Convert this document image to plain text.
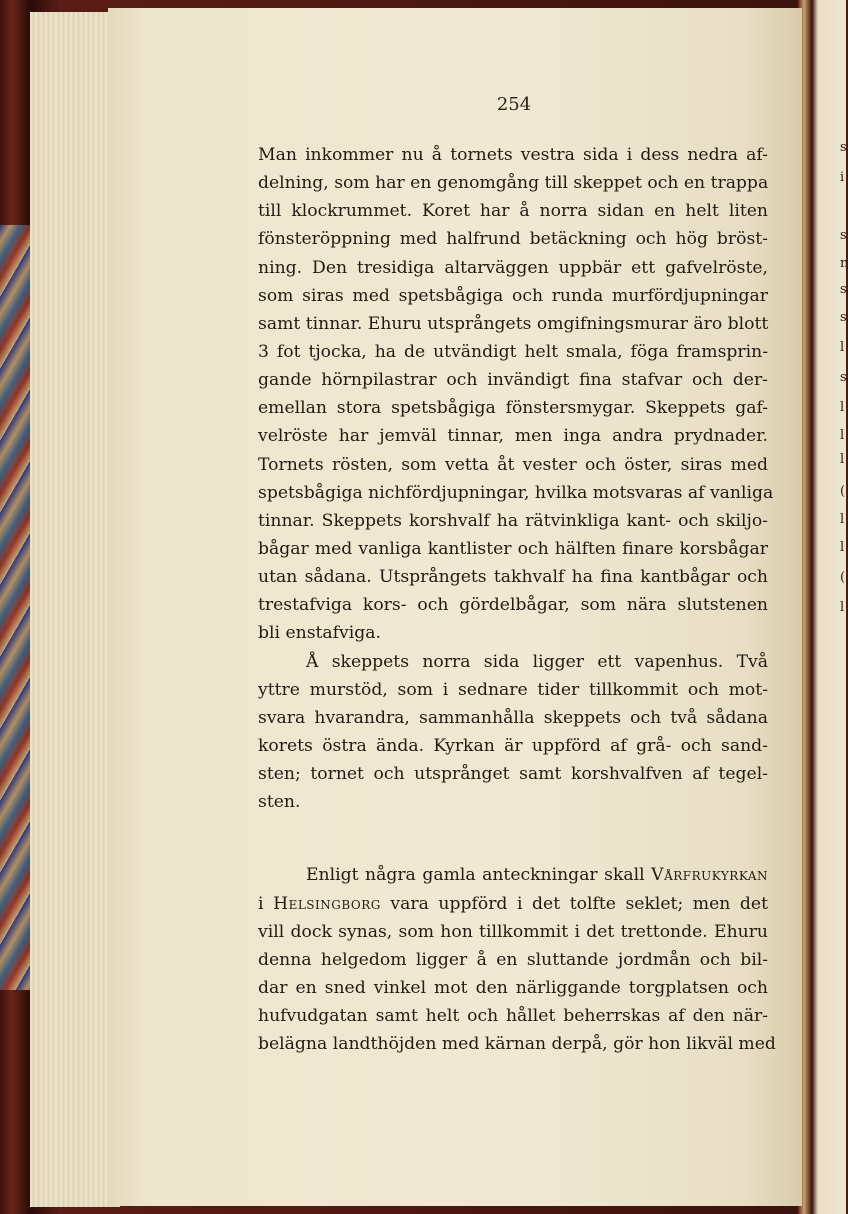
s
i
s
n
s
s
l
s
l
l
l
(
l
l
(
l
254
Man inkommer nu å tornets vestra sida i dess nedra af-
delning, som har en genomgång till skeppet och en trappa
till klockrummet. Koret har å norra sidan en helt liten
fönsteröppning med halfrund betäckning och hög bröst-
ning. Den tresidiga altarväggen uppbär ett gafvelröste,
som siras med spetsbågiga och runda murfördjupningar
samt tinnar. Ehuru utsprångets omgifningsmurar äro blott
3 fot tjocka, ha de utvändigt helt smala, föga framsprin-
gande hörnpilastrar och invändigt fina stafvar och der-
emellan stora spetsbågiga fönstersmygar. Skeppets gaf-
velröste har jemväl tinnar, men inga andra prydnader.
Tornets rösten, som vetta åt vester och öster, siras med
spetsbågiga nichfördjupningar, hvilka motsvaras af vanliga
tinnar. Skeppets korshvalf ha rätvinkliga kant- och skiljo-
bågar med vanliga kantlister och hälften finare korsbågar
utan sådana. Utsprångets takhvalf ha fina kantbågar och
trestafviga kors- och gördelbågar, som nära slutstenen
bli enstafviga.
Å skeppets norra sida ligger ett vapenhus. Två
yttre murstöd, som i sednare tider tillkommit och mot-
svara hvarandra, sammanhålla skeppets och två sådana
korets östra ända. Kyrkan är uppförd af grå- och sand-
sten; tornet och utsprånget samt korshvalfven af tegel-
sten.
Enligt några gamla anteckningar skall Vårfrukyrkan
i Helsingborg vara uppförd i det tolfte seklet; men det
vill dock synas, som hon tillkommit i det trettonde. Ehuru
denna helgedom ligger å en sluttande jordmån och bil-
dar en sned vinkel mot den närliggande torgplatsen och
hufvudgatan samt helt och hållet beherrskas af den när-
belägna landthöjden med kärnan derpå, gör hon likväl med
